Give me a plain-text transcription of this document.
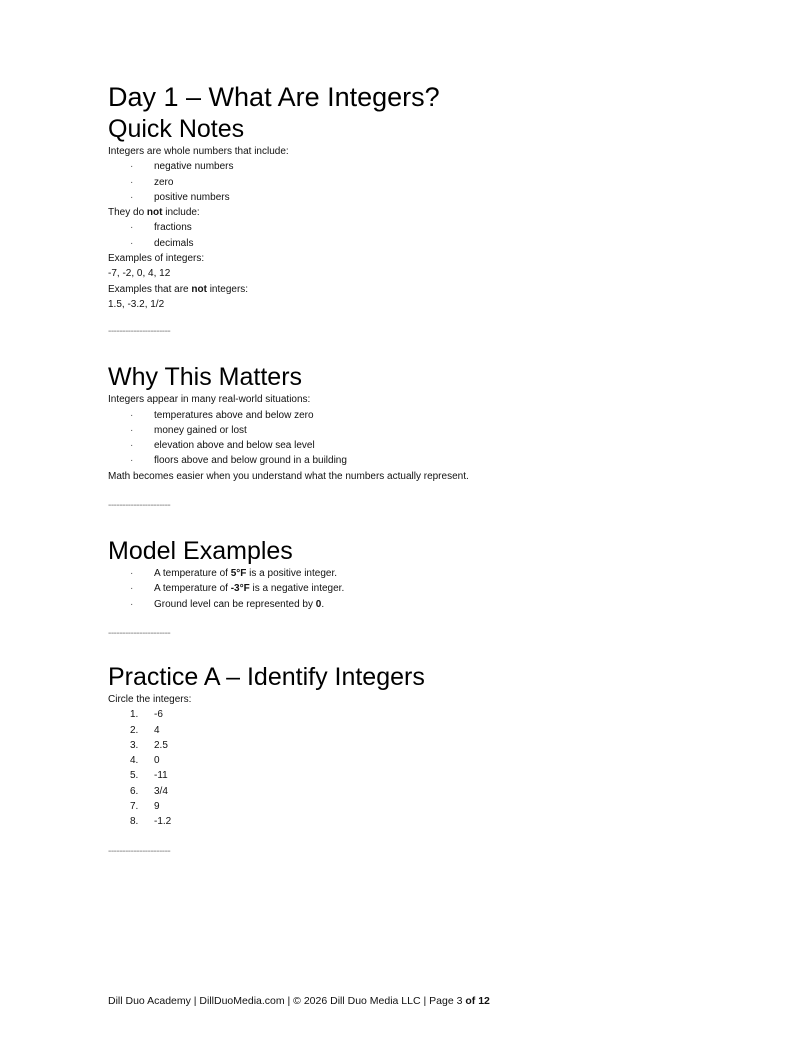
Day 1 – What Are Integers?
Quick Notes

Integers are whole numbers that include:

· negative numbers
· zero
· positive numbers

They do not include:

· fractions
· decimals

Examples of integers:

-7, -2, 0, 4, 12

Examples that are not integers:

1.5, -3.2, 1/2

----------------------
Why This Matters

Integers appear in many real-world situations:

· temperatures above and below zero
· money gained or lost
· elevation above and below sea level
· floors above and below ground in a building

Math becomes easier when you understand what the numbers actually represent.

----------------------
Model Examples
· A temperature of 5°F is a positive integer.
· A temperature of -3°F is a negative integer.
· Ground level can be represented by 0.
----------------------
Practice A – Identify Integers

Circle the integers:

1.	-6
2.	4
3.	2.5
4.	0
5.	-11
6.	3/4
7.	9
8.	-1.2
----------------------
Dill Duo Academy | DillDuoMedia.com | © 2026 Dill Duo Media LLC | Page 3 of 12
